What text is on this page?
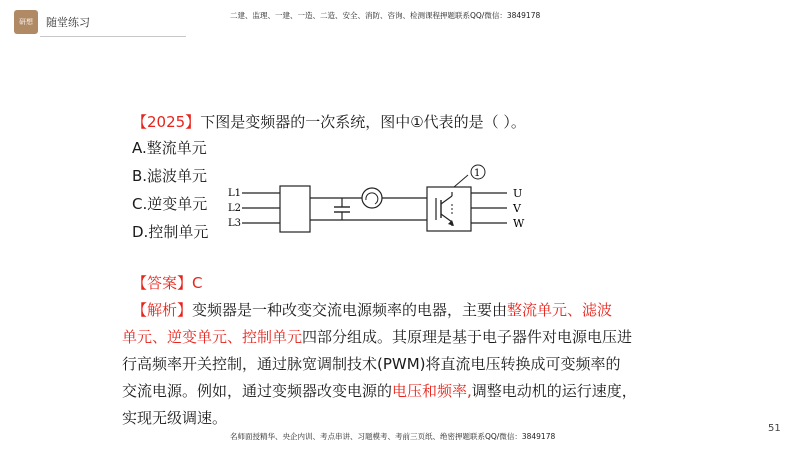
研想	随堂练习
二建、监理、一建、一造、二造、安全、消防、咨询、检测课程押题联系QQ/微信：3849178
【2025】下图是变频器的一次系统，图中①代表的是（ ）。
A.整流单元
B.滤波单元
C.逆变单元
D.控制单元
L1
L2
L3
1
U
V
W
【答案】C
【解析】变频器是一种改变交流电源频率的电器，主要由整流单元、滤波
单元、逆变单元、控制单元四部分组成。其原理是基于电子器件对电源电压进
行高频率开关控制，通过脉宽调制技术(PWM)将直流电压转换成可变频率的
交流电源。例如，通过变频器改变电源的电压和频率,调整电动机的运行速度，
实现无级调速。
名师面授精华、央企内训、考点串讲、习题模考、考前三页纸、绝密押题联系QQ/微信：3849178
51
